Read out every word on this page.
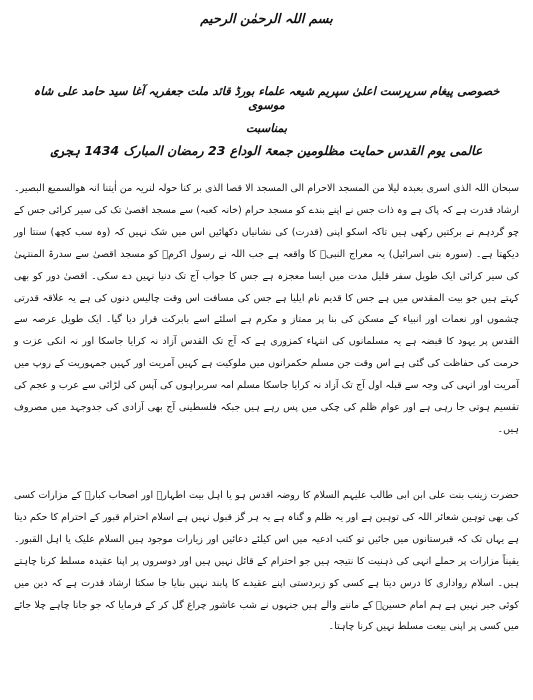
بسم اللہ الرحمٰن الرحیم
خصوصی پیغام سرپرست اعلیٰ سپریم شیعہ علماء بورڈ قائد ملت جعفریہ آغا سید حامد علی شاہ موسوی
بمناسبت
عالمی یوم القدس حمایت مظلومین جمعۃ الوداع 23 رمضان المبارک 1434 ہجری
سبحان اللہ الذی اسری بعبدہ لیلا من المسجد الاحرام الی المسجد الا قصا الذی بر کنا حولہ لنریہ من اٰیتنا انہ ھوالسمیع البصیر۔ ارشاد قدرت ہے کہ پاک ہے وہ ذات جس نے اپنے بندے کو مسجد حرام (خانہ کعبہ) سے مسجد اقصیٰ تک کی سیر کرائی جس کے چو گردہم نے برکتیں رکھی ہیں تاکہ اسکو اپنی (قدرت) کی نشانیاں دکھائیں اس میں شک نہیں کہ (وہ سب کچھ) سنتا اور دیکھتا ہے۔ (سورہ بنی اسرائیل) یہ معراج النبیؐ کا واقعہ ہے جب اللہ نے رسول اکرمؐ کو مسجد اقصیٰ سے سدرۃ المنتہیٰ کی سیر کرائی ایک طویل سفر قلیل مدت میں ایسا معجزہ ہے جس کا جواب آج تک دنیا نہیں دے سکی۔ اقصیٰ دور کو بھی کہتے ہیں جو بیت المقدس میں ہے جس کا قدیم نام ایلیا ہے جس کی مسافت اس وقت چالیس دنوں کی ہے یہ علاقہ قدرتی چشموں اور نعمات اور انبیاء کے مسکن کی بنا پر ممتاز و مکرم ہے اسلئے اسے بابرکت قرار دیا گیا۔ ایک طویل عرصہ سے القدس پر یہود کا قبضہ ہے یہ مسلمانوں کی انتہاء کمزوری ہے کہ آج تک القدس آزاد نہ کرایا جاسکا اور نہ انکی عزت و حرمت کی حفاظت کی گئی ہے اس وقت جن مسلم حکمرانوں میں ملوکیت ہے کہیں آمریت اور کہیں جمہوریت کے روپ میں آمریت اور انہی کی وجہ سے قبلہ اول آج تک آزاد نہ کرایا جاسکا مسلم امہ سربراہوں کی آپس کی لڑائی سے عرب و عجم کی تقسیم ہوتی جا رہی ہے اور عوام ظلم کی چکی میں پس رہے ہیں جبکہ فلسطینی آج بھی آزادی کی جدوجہد میں مصروف ہیں۔
حضرت زینب بنت علی ابن ابی طالب علیہم السلام کا روضہ اقدس ہو یا اہل بیت اطہارؑ اور اصحاب کبارؓ کے مزارات کسی کی بھی توہین شعائر اللہ کی توہین ہے اور یہ ظلم و گناہ ہے یہ ہر گز قبول نہیں ہے اسلام احترام قبور کے احترام کا حکم دیتا ہے یہاں تک کہ قبرستانوں میں جائیں تو کتب ادعیہ میں اس کیلئے دعائیں اور زیارات موجود ہیں السلام علیک یا اہل القبور۔ یقیناً مزارات پر حملے انہی کی ذہنیت کا نتیجہ ہیں جو احترام کے قائل نہیں ہیں اور دوسروں پر اپنا عقیدہ مسلط کرنا چاہتے ہیں۔ اسلام رواداری کا درس دیتا ہے کسی کو زبردستی اپنے عقیدے کا پابند نہیں بنایا جا سکتا ارشاد قدرت ہے کہ دین میں کوئی جبر نہیں ہے ہم امام حسینؑ کے ماننے والے ہیں جنہوں نے شب عاشور چراغ گل کر کے فرمایا کہ جو جانا چاہے چلا جائے میں کسی پر اپنی بیعت مسلط نہیں کرنا چاہتا۔
